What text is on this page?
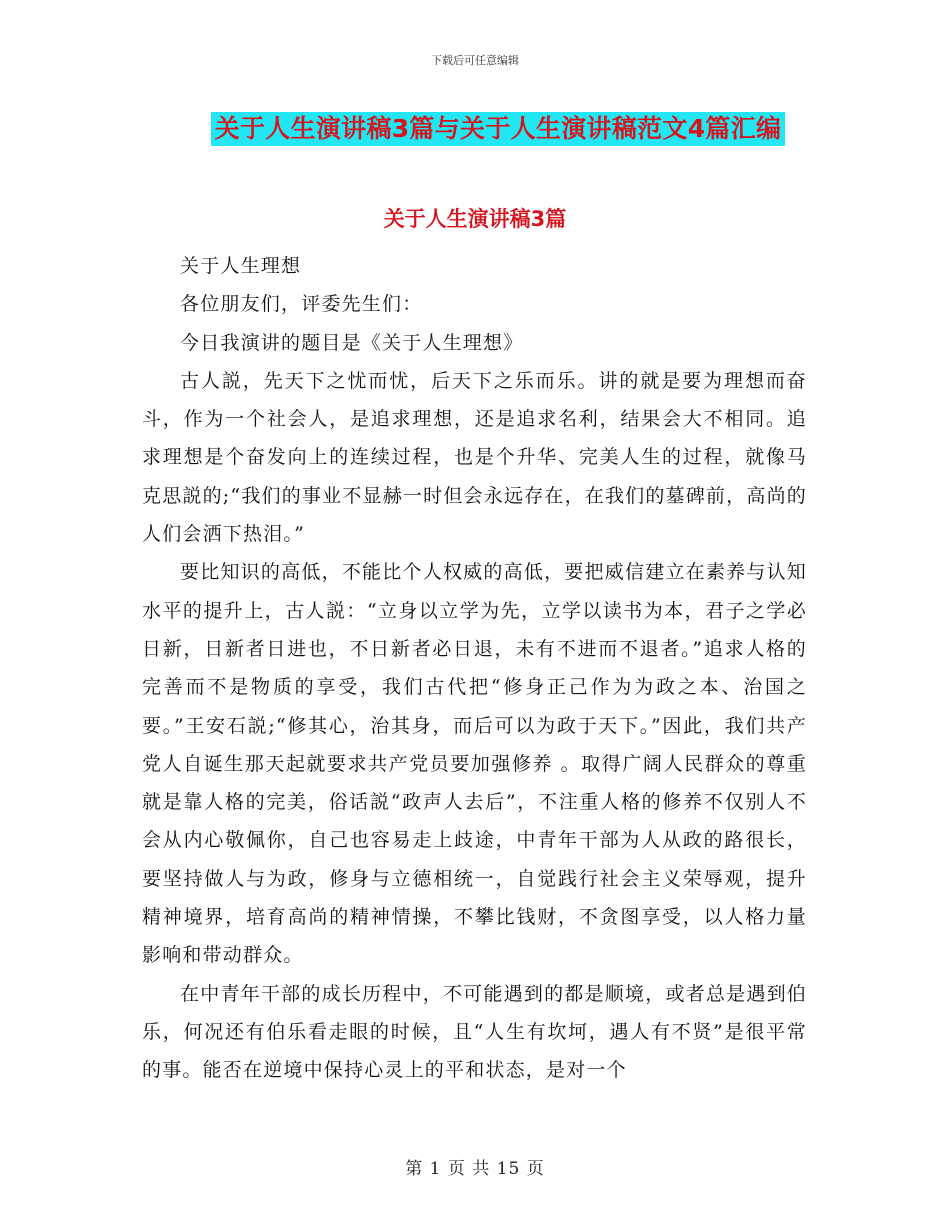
下载后可任意编辑
关于人生演讲稿3篇与关于人生演讲稿范文4篇汇编
关于人生演讲稿3篇

关于人生理想

各位朋友们，评委先生们：

今日我演讲的题目是《关于人生理想》

古人説，先天下之忧而忧，后天下之乐而乐。讲的就是要为理想而奋斗，作为一个社会人，是追求理想，还是追求名利，结果会大不相同。追求理想是个奋发向上的连续过程，也是个升华、完美人生的过程，就像马克思説的;“我们的事业不显赫一时但会永远存在，在我们的墓碑前，高尚的人们会洒下热泪。”

要比知识的高低，不能比个人权威的高低，要把威信建立在素养与认知水平的提升上，古人説：“立身以立学为先，立学以读书为本，君子之学必日新，日新者日进也，不日新者必日退，未有不进而不退者。”追求人格的完善而不是物质的享受，我们古代把“修身正己作为为政之本、治国之要。”王安石説;“修其心，治其身，而后可以为政于天下。”因此，我们共产党人自诞生那天起就要求共产党员要加强修养 。取得广阔人民群众的尊重就是靠人格的完美，俗话説“政声人去后”，不注重人格的修养不仅别人不会从内心敬佩你，自己也容易走上歧途，中青年干部为人从政的路很长，要坚持做人与为政，修身与立德相统一，自觉践行社会主义荣辱观，提升精神境界，培育高尚的精神情操，不攀比钱财，不贪图享受，以人格力量影响和带动群众。

在中青年干部的成长历程中，不可能遇到的都是顺境，或者总是遇到伯乐，何况还有伯乐看走眼的时候，且“人生有坎坷，遇人有不贤”是很平常的事。能否在逆境中保持心灵上的平和状态，是对一个

第 1 页 共 15 页
